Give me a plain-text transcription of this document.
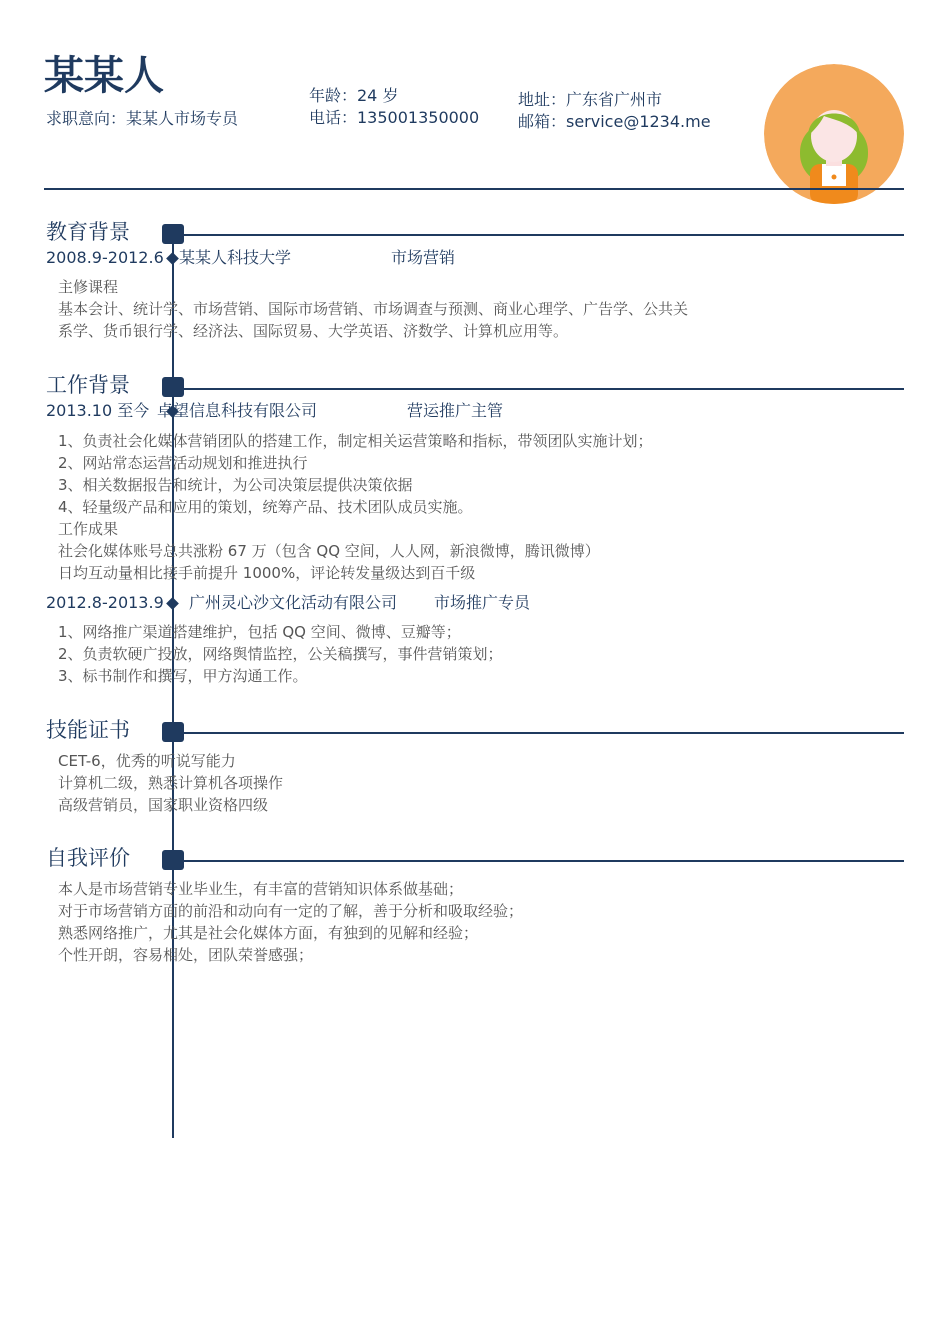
某某人
求职意向：某某人市场专员
年龄：24 岁
电话：135001350000
地址：广东省广州市
邮箱：service@1234.me
教育背景
2008.9-2012.6 某某人科技大学	市场营销
主修课程
基本会计、统计学、市场营销、国际市场营销、市场调查与预测、商业心理学、广告学、公共关
系学、货币银行学、经济法、国际贸易、大学英语、济数学、计算机应用等。
工作背景
2013.10 至今 卓望信息科技有限公司	营运推广主管
1、负责社会化媒体营销团队的搭建工作，制定相关运营策略和指标，带领团队实施计划；
2、网站常态运营活动规划和推进执行
3、相关数据报告和统计，为公司决策层提供决策依据
4、轻量级产品和应用的策划，统筹产品、技术团队成员实施。
工作成果
社会化媒体账号总共涨粉 67 万（包含 QQ 空间，人人网，新浪微博，腾讯微博）
日均互动量相比接手前提升 1000%，评论转发量级达到百千级
2012.8-2013.9 广州灵心沙文化活动有限公司 市场推广专员
1、网络推广渠道搭建维护，包括 QQ 空间、微博、豆瓣等；
2、负责软硬广投放，网络舆情监控，公关稿撰写，事件营销策划；
3、标书制作和撰写，甲方沟通工作。
技能证书
CET-6，优秀的听说写能力
计算机二级，熟悉计算机各项操作
高级营销员，国家职业资格四级
自我评价
本人是市场营销专业毕业生，有丰富的营销知识体系做基础；
对于市场营销方面的前沿和动向有一定的了解，善于分析和吸取经验；
熟悉网络推广，尤其是社会化媒体方面，有独到的见解和经验；
个性开朗，容易相处，团队荣誉感强；
